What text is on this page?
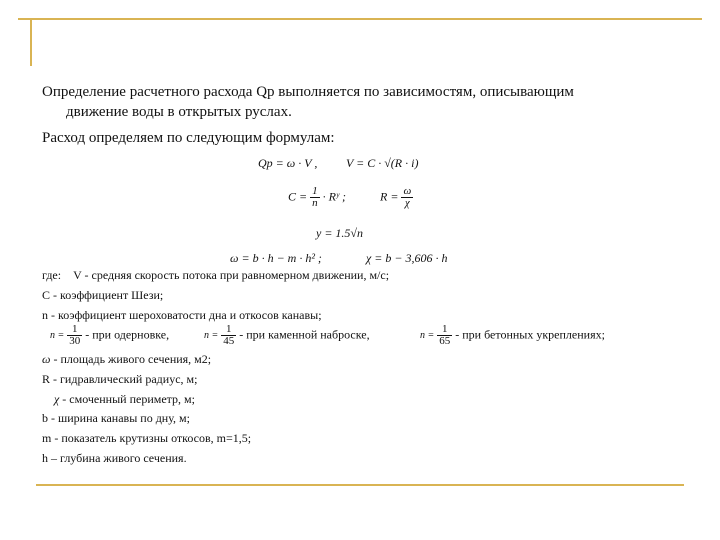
Определение расчетного расхода Qр выполняется по зависимостям, описывающим
движение воды в открытых руслах.
Расход определяем по следующим формулам:
Qр = ω · V , V = C · √(R · i)
$C = \frac{1}{n}$ · Rʸ ;	$R = \frac{\omega}{\chi}$
y = 1.5√n
ω = b · h − m · h² ;	χ = b − 3,606 · h
где: V - средняя скорость потока при равномерном движении, м/с;
C - коэффициент Шези;
n - коэффициент шероховатости дна и откосов канавы;
$n = \frac{1}{30}$ - при одерновке,	$n = \frac{1}{45}$ - при каменной наброске,	$n = \frac{1}{65}$ - при бетонных укреплениях;
ω - площадь живого сечения, м2;
R - гидравлический радиус, м;
χ - смоченный периметр, м;
b - ширина канавы по дну, м;
m - показатель крутизны откосов, m=1,5;
h – глубина живого сечения.
